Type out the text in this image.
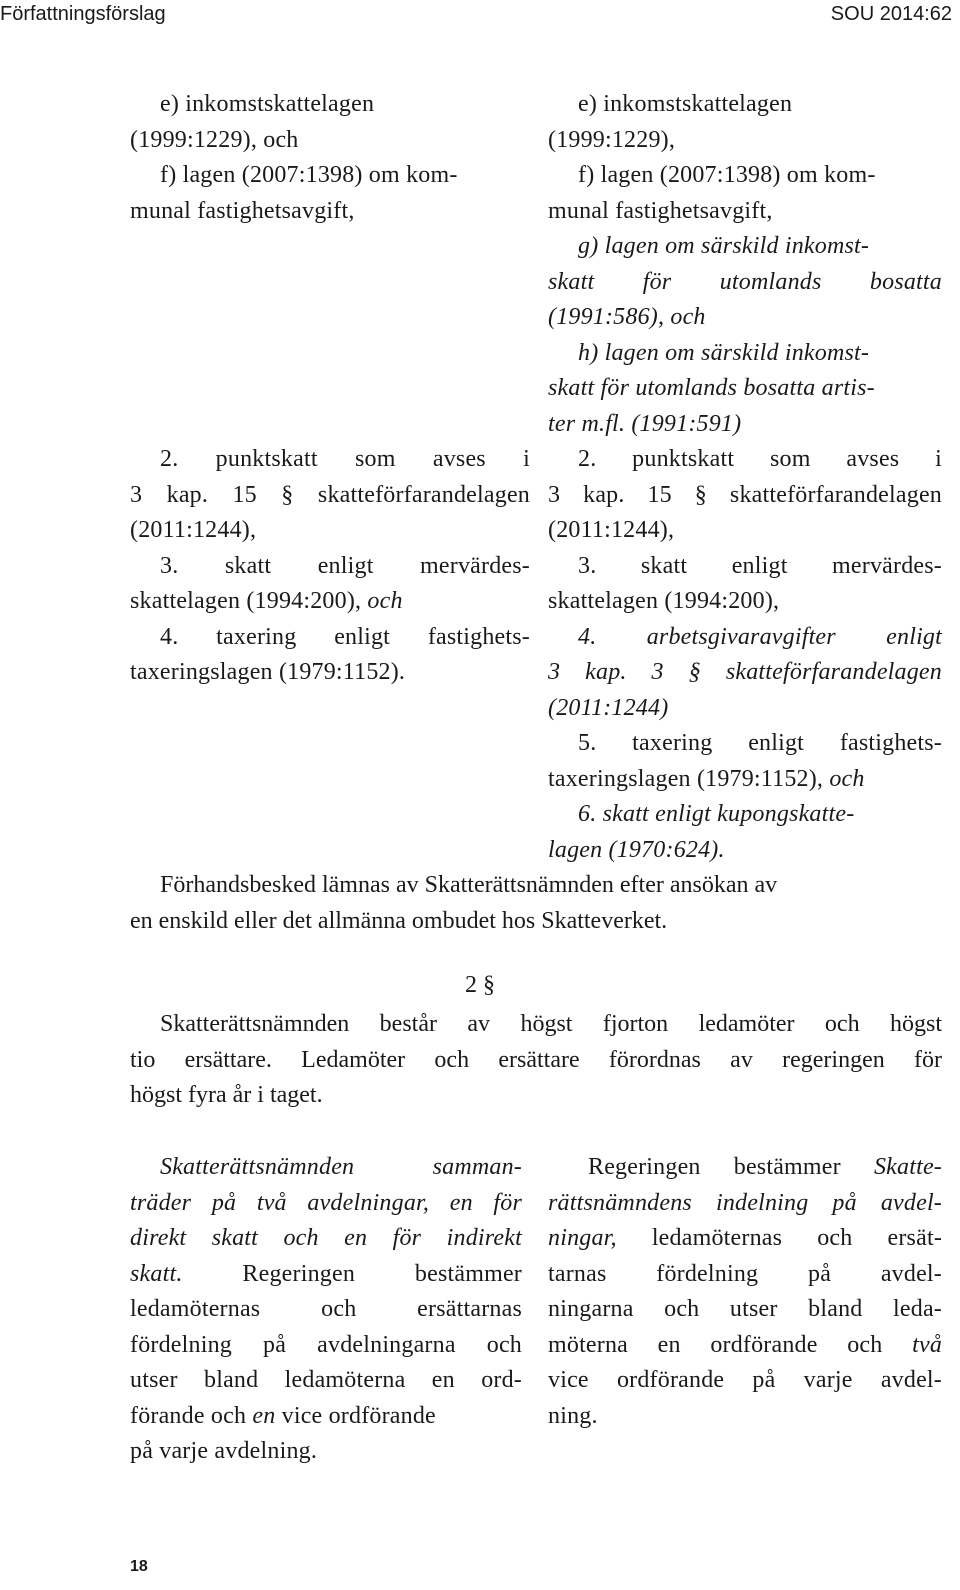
Författningsförslag	SOU 2014:62
e) inkomstskattelagen
(1999:1229), och
f) lagen (2007:1398) om kom-
munal fastighetsavgift,
2. punktskatt som avses i
3 kap. 15 § skatteförfarandelagen
(2011:1244),
3. skatt enligt mervärdes-
skattelagen (1994:200), och
4. taxering enligt fastighets-
taxeringslagen (1979:1152).
e) inkomstskattelagen
(1999:1229),
f) lagen (2007:1398) om kom-
munal fastighetsavgift,
g) lagen om särskild inkomst-
skatt för utomlands bosatta
(1991:586), och
h) lagen om särskild inkomst-
skatt för utomlands bosatta artis-
ter m.fl. (1991:591)
2. punktskatt som avses i
3 kap. 15 § skatteförfarandelagen
(2011:1244),
3. skatt enligt mervärdes-
skattelagen (1994:200),
4. arbetsgivaravgifter enligt
3 kap. 3 § skatteförfarandelagen
(2011:1244)
5. taxering enligt fastighets-
taxeringslagen (1979:1152), och
6. skatt enligt kupongskatte-
lagen (1970:624).
Förhandsbesked lämnas av Skatterättsnämnden efter ansökan av
en enskild eller det allmänna ombudet hos Skatteverket.
2 §
Skatterättsnämnden består av högst fjorton ledamöter och högst
tio ersättare. Ledamöter och ersättare förordnas av regeringen för
högst fyra år i taget.
Skatterättsnämnden samman-
träder på två avdelningar, en för
direkt skatt och en för indirekt
skatt. Regeringen bestämmer
ledamöternas och ersättarnas
fördelning på avdelningarna och
utser bland ledamöterna en ord-
förande och en vice ordförande
på varje avdelning.
Regeringen bestämmer Skatte-
rättsnämndens indelning på avdel-
ningar, ledamöternas och ersät-
tarnas fördelning på avdel-
ningarna och utser bland leda-
möterna en ordförande och två
vice ordförande på varje avdel-
ning.
18
